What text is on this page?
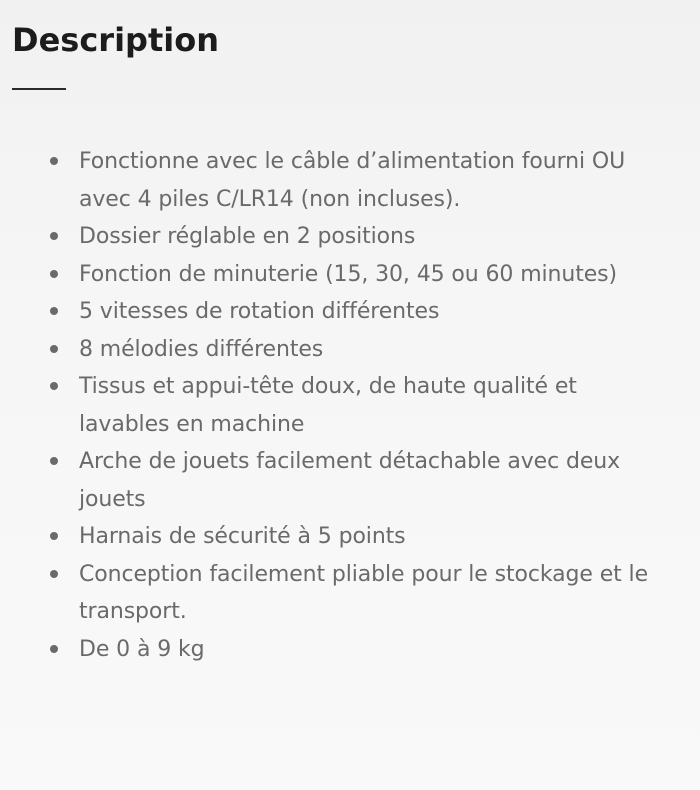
Description
Fonctionne avec le câble d’alimentation fourni OU avec 4 piles C/LR14 (non incluses).
Dossier réglable en 2 positions
Fonction de minuterie (15, 30, 45 ou 60 minutes)
5 vitesses de rotation différentes
8 mélodies différentes
Tissus et appui-tête doux, de haute qualité et lavables en machine
Arche de jouets facilement détachable avec deux jouets
Harnais de sécurité à 5 points
Conception facilement pliable pour le stockage et le transport.
De 0 à 9 kg
